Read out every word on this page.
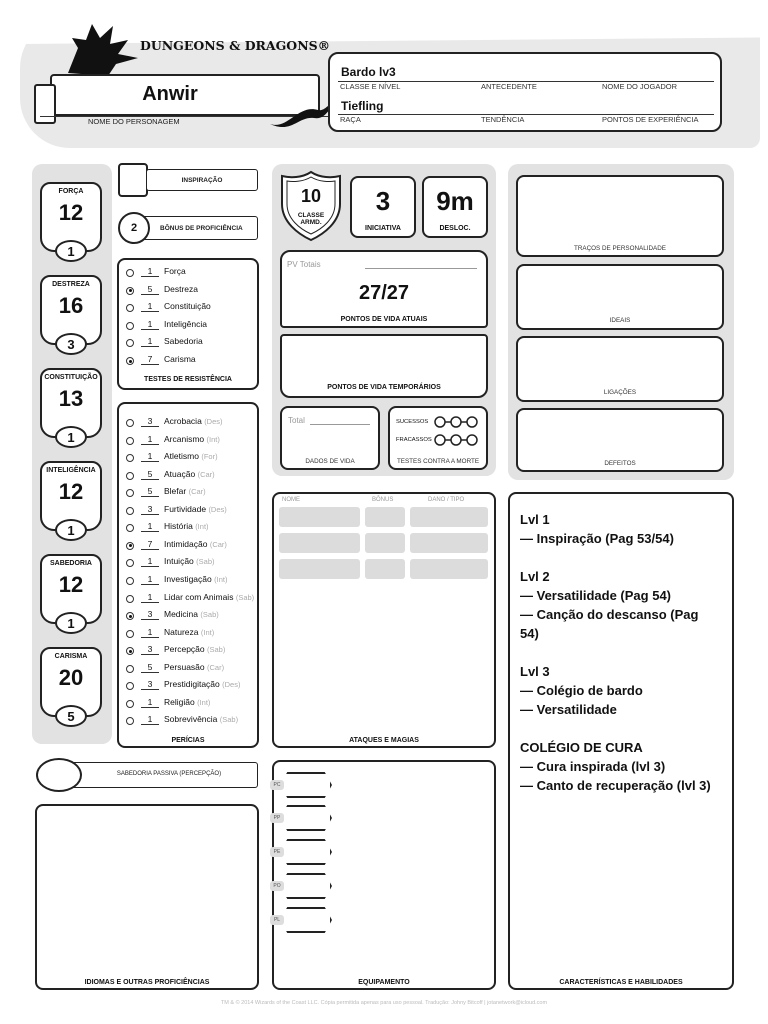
DUNGEONS & DRAGONS®
Anwir
NOME DO PERSONAGEM
Bardo lv3
CLASSE E NÍVEL	ANTECEDENTE	NOME DO JOGADOR
Tiefling
RAÇA	TENDÊNCIA	PONTOS DE EXPERIÊNCIA
FORÇA
12
1
DESTREZA
16
3
CONSTITUIÇÃO
13
1
INTELIGÊNCIA
12
1
SABEDORIA
12
1
CARISMA
20
5
INSPIRAÇÃO
2	BÔNUS DE PROFICIÊNCIA
1	Força
5	Destreza
1	Constituição
1	Inteligência
1	Sabedoria
7	Carisma
TESTES DE RESISTÊNCIA
3	Acrobacia (Des)
1	Arcanismo (Int)
1	Atletismo (For)
5	Atuação (Car)
5	Blefar (Car)
3	Furtividade (Des)
1	História (Int)
7	Intimidação (Car)
1	Intuição (Sab)
1	Investigação (Int)
1	Lidar com Animais (Sab)
3	Medicina (Sab)
1	Natureza (Int)
3	Percepção (Sab)
5	Persuasão (Car)
3	Prestidigitação (Des)
1	Religião (Int)
1	Sobrevivência (Sab)
PERÍCIAS
SABEDORIA PASSIVA (PERCEPÇÃO)
IDIOMAS E OUTRAS PROFICIÊNCIAS
10
CLASSE ARMD.
3
INICIATIVA
9m
DESLOC.
PV Totais
27/27
PONTOS DE VIDA ATUAIS
PONTOS DE VIDA TEMPORÁRIOS
Total
DADOS DE VIDA
SUCESSOS
FRACASSOS
TESTES CONTRA A MORTE
NOME	BÔNUS	DANO / TIPO
ATAQUES E MAGIAS
PC
PP
PE
PO
PL
EQUIPAMENTO
TRAÇOS DE PERSONALIDADE
IDEAIS
LIGAÇÕES
DEFEITOS
Lvl 1
— Inspiração (Pag 53/54)
Lvl 2
— Versatilidade (Pag 54)
— Canção do descanso (Pag 54)
Lvl 3
— Colégio de bardo
— Versatilidade
COLÉGIO DE CURA
— Cura inspirada (lvl 3)
— Canto de recuperação (lvl 3)
CARACTERÍSTICAS E HABILIDADES
TM & © 2014 Wizards of the Coast LLC. Cópia permitida apenas para uso pessoal. Tradução: Johny Bitcoff | jotanetwork@icloud.com
